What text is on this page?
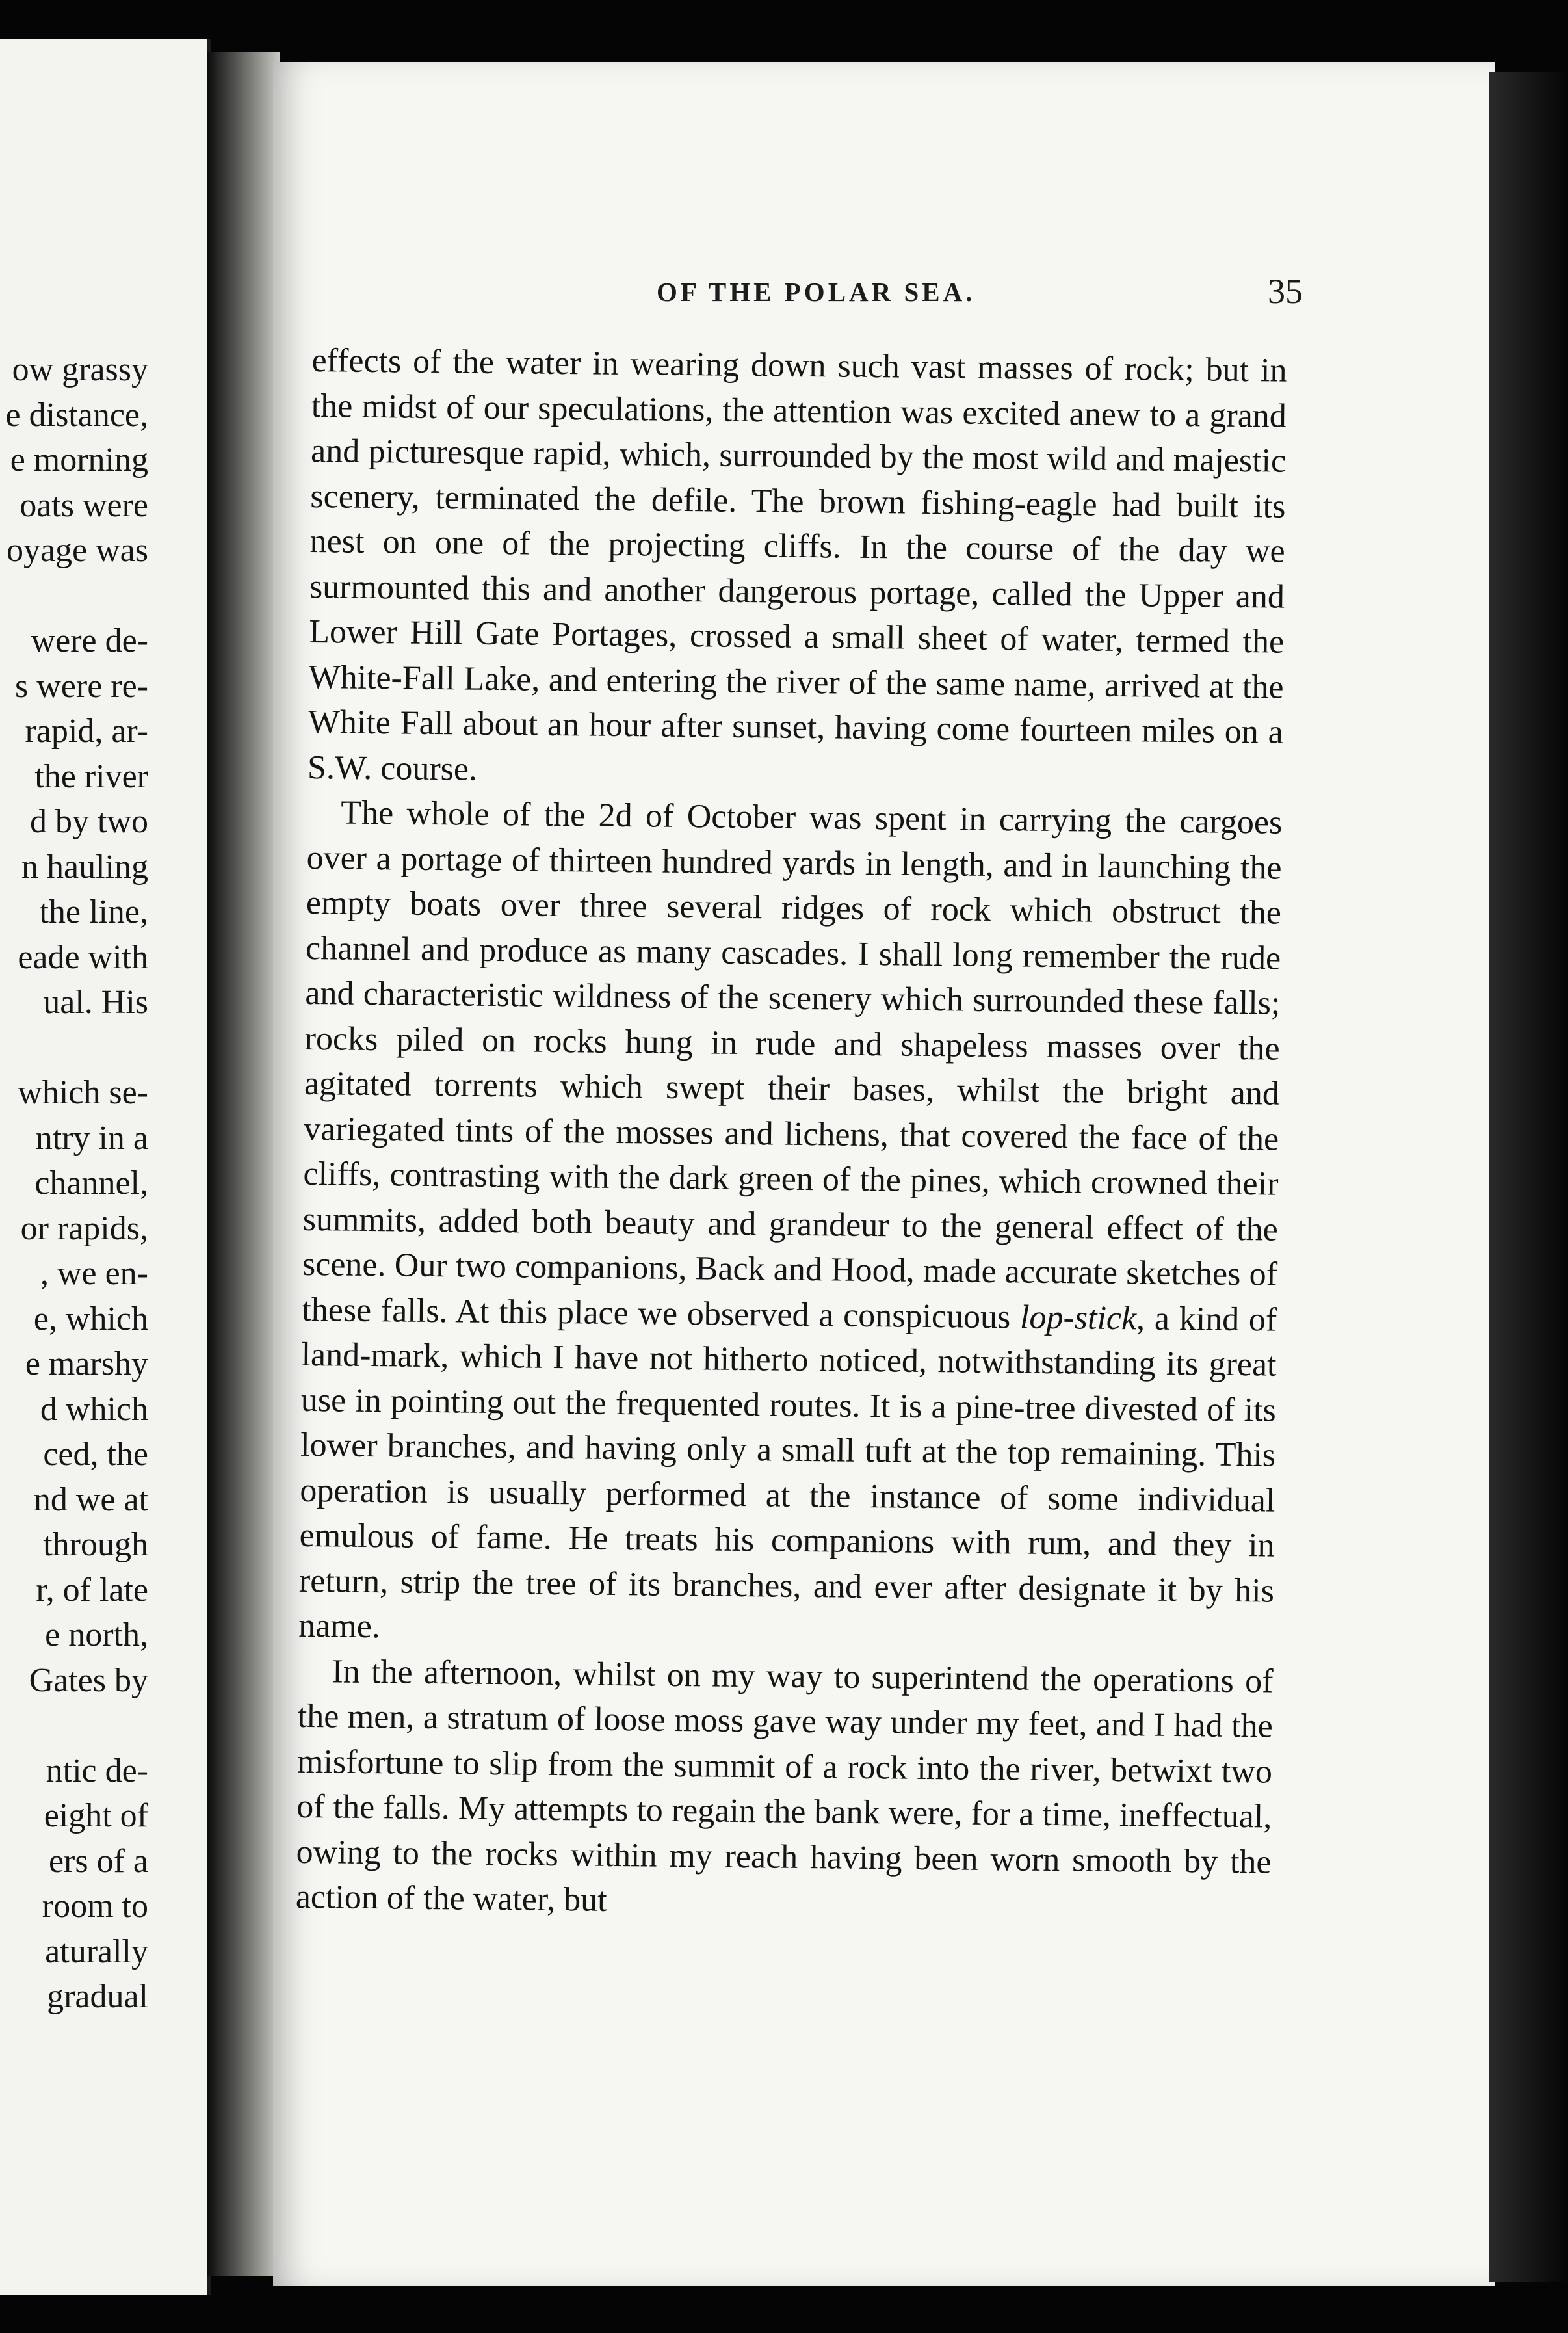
ow grassy
e distance,
e morning
oats were
oyage was
were de-
s were re-
rapid, ar-
the river
d by two
n hauling
the line,
eade with
ual. His
which se-
ntry in a
channel,
or rapids,
, we en-
e, which
e marshy
d which
ced, the
nd we at
through
r, of late
e north,
Gates by
ntic de-
eight of
ers of a
room to
aturally
gradual
OF THE POLAR SEA.	35

effects of the water in wearing down such vast masses of rock; but in the midst of our speculations, the attention was excited anew to a grand and picturesque rapid, which, surrounded by the most wild and majestic scenery, terminated the defile. The brown fishing-eagle had built its nest on one of the projecting cliffs. In the course of the day we surmounted this and another dangerous portage, called the Upper and Lower Hill Gate Portages, crossed a small sheet of water, termed the White-Fall Lake, and entering the river of the same name, arrived at the White Fall about an hour after sunset, having come fourteen miles on a S.W. course.

The whole of the 2d of October was spent in carrying the cargoes over a portage of thirteen hundred yards in length, and in launching the empty boats over three several ridges of rock which obstruct the channel and produce as many cascades. I shall long remember the rude and characteristic wildness of the scenery which surrounded these falls; rocks piled on rocks hung in rude and shapeless masses over the agitated torrents which swept their bases, whilst the bright and variegated tints of the mosses and lichens, that covered the face of the cliffs, contrasting with the dark green of the pines, which crowned their summits, added both beauty and grandeur to the general effect of the scene. Our two companions, Back and Hood, made accurate sketches of these falls. At this place we observed a conspicuous lop-stick, a kind of land-mark, which I have not hitherto noticed, notwithstanding its great use in pointing out the frequented routes. It is a pine-tree divested of its lower branches, and having only a small tuft at the top remaining. This operation is usually performed at the instance of some individual emulous of fame. He treats his companions with rum, and they in return, strip the tree of its branches, and ever after designate it by his name.

In the afternoon, whilst on my way to superintend the operations of the men, a stratum of loose moss gave way under my feet, and I had the misfortune to slip from the summit of a rock into the river, betwixt two of the falls. My attempts to regain the bank were, for a time, ineffectual, owing to the rocks within my reach having been worn smooth by the action of the water, but
